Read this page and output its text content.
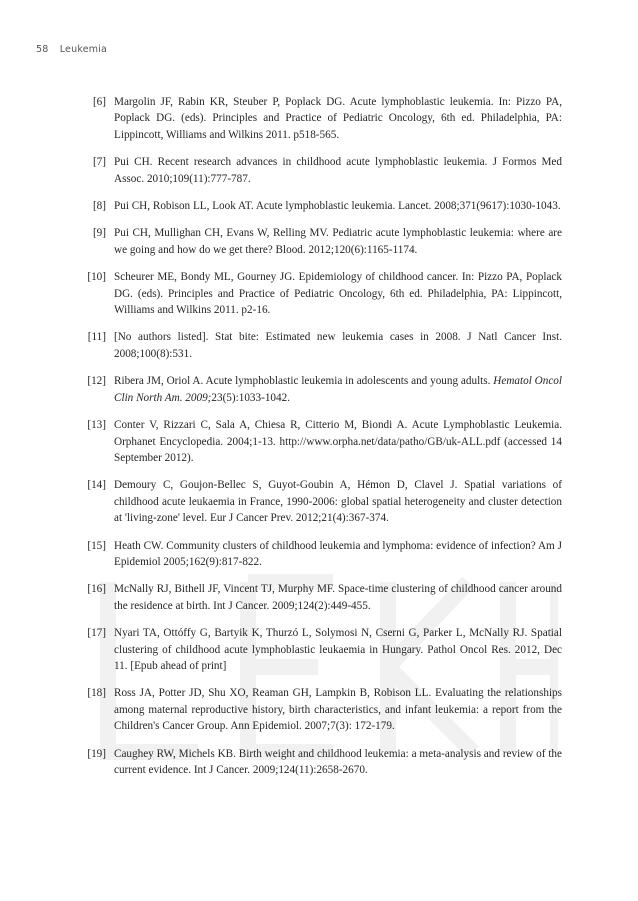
58 Leukemia
[6] Margolin JF, Rabin KR, Steuber P, Poplack DG. Acute lymphoblastic leukemia. In: Pizzo PA, Poplack DG. (eds). Principles and Practice of Pediatric Oncology, 6th ed. Philadelphia, PA: Lippincott, Williams and Wilkins 2011. p518-565.
[7] Pui CH. Recent research advances in childhood acute lymphoblastic leukemia. J Formos Med Assoc. 2010;109(11):777-787.
[8] Pui CH, Robison LL, Look AT. Acute lymphoblastic leukemia. Lancet. 2008;371(9617):1030-1043.
[9] Pui CH, Mullighan CH, Evans W, Relling MV. Pediatric acute lymphoblastic leukemia: where are we going and how do we get there? Blood. 2012;120(6):1165-1174.
[10] Scheurer ME, Bondy ML, Gourney JG. Epidemiology of childhood cancer. In: Pizzo PA, Poplack DG. (eds). Principles and Practice of Pediatric Oncology, 6th ed. Philadelphia, PA: Lippincott, Williams and Wilkins 2011. p2-16.
[11] [No authors listed]. Stat bite: Estimated new leukemia cases in 2008. J Natl Cancer Inst. 2008;100(8):531.
[12] Ribera JM, Oriol A. Acute lymphoblastic leukemia in adolescents and young adults. Hematol Oncol Clin North Am. 2009;23(5):1033-1042.
[13] Conter V, Rizzari C, Sala A, Chiesa R, Citterio M, Biondi A. Acute Lymphoblastic Leukemia. Orphanet Encyclopedia. 2004;1-13. http://www.orpha.net/data/patho/GB/uk-ALL.pdf (accessed 14 September 2012).
[14] Demoury C, Goujon-Bellec S, Guyot-Goubin A, Hémon D, Clavel J. Spatial variations of childhood acute leukaemia in France, 1990-2006: global spatial heterogeneity and cluster detection at 'living-zone' level. Eur J Cancer Prev. 2012;21(4):367-374.
[15] Heath CW. Community clusters of childhood leukemia and lymphoma: evidence of infection? Am J Epidemiol 2005;162(9):817-822.
[16] McNally RJ, Bithell JF, Vincent TJ, Murphy MF. Space-time clustering of childhood cancer around the residence at birth. Int J Cancer. 2009;124(2):449-455.
[17] Nyari TA, Ottóffy G, Bartyik K, Thurzó L, Solymosi N, Cserni G, Parker L, McNally RJ. Spatial clustering of childhood acute lymphoblastic leukaemia in Hungary. Pathol Oncol Res. 2012, Dec 11. [Epub ahead of print]
[18] Ross JA, Potter JD, Shu XO, Reaman GH, Lampkin B, Robison LL. Evaluating the relationships among maternal reproductive history, birth characteristics, and infant leukemia: a report from the Children's Cancer Group. Ann Epidemiol. 2007;7(3): 172-179.
[19] Caughey RW, Michels KB. Birth weight and childhood leukemia: a meta-analysis and review of the current evidence. Int J Cancer. 2009;124(11):2658-2670.
